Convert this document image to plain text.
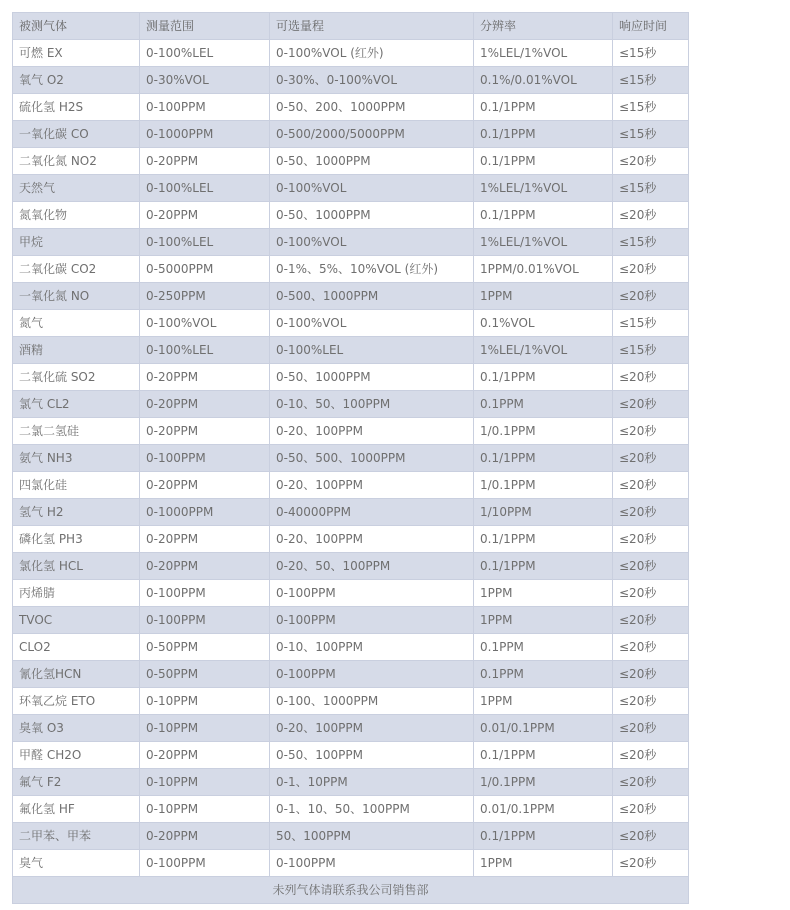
被测气体	测量范围	可选量程	分辨率	响应时间
可燃 EX	0-100%LEL	0-100%VOL (红外)	1%LEL/1%VOL	≤15秒
氧气 O2	0-30%VOL	0-30%、0-100%VOL	0.1%/0.01%VOL	≤15秒
硫化氢 H2S	0-100PPM	0-50、200、1000PPM	0.1/1PPM	≤15秒
一氧化碳 CO	0-1000PPM	0-500/2000/5000PPM	0.1/1PPM	≤15秒
二氧化氮 NO2	0-20PPM	0-50、1000PPM	0.1/1PPM	≤20秒
天然气	0-100%LEL	0-100%VOL	1%LEL/1%VOL	≤15秒
氮氧化物	0-20PPM	0-50、1000PPM	0.1/1PPM	≤20秒
甲烷	0-100%LEL	0-100%VOL	1%LEL/1%VOL	≤15秒
二氧化碳 CO2	0-5000PPM	0-1%、5%、10%VOL (红外)	1PPM/0.01%VOL	≤20秒
一氧化氮 NO	0-250PPM	0-500、1000PPM	1PPM	≤20秒
氮气	0-100%VOL	0-100%VOL	0.1%VOL	≤15秒
酒精	0-100%LEL	0-100%LEL	1%LEL/1%VOL	≤15秒
二氧化硫 SO2	0-20PPM	0-50、1000PPM	0.1/1PPM	≤20秒
氯气 CL2	0-20PPM	0-10、50、100PPM	0.1PPM	≤20秒
二氯二氢硅	0-20PPM	0-20、100PPM	1/0.1PPM	≤20秒
氨气 NH3	0-100PPM	0-50、500、1000PPM	0.1/1PPM	≤20秒
四氯化硅	0-20PPM	0-20、100PPM	1/0.1PPM	≤20秒
氢气 H2	0-1000PPM	0-40000PPM	1/10PPM	≤20秒
磷化氢 PH3	0-20PPM	0-20、100PPM	0.1/1PPM	≤20秒
氯化氢 HCL	0-20PPM	0-20、50、100PPM	0.1/1PPM	≤20秒
丙烯腈	0-100PPM	0-100PPM	1PPM	≤20秒
TVOC	0-100PPM	0-100PPM	1PPM	≤20秒
CLO2	0-50PPM	0-10、100PPM	0.1PPM	≤20秒
氰化氢HCN	0-50PPM	0-100PPM	0.1PPM	≤20秒
环氧乙烷 ETO	0-10PPM	0-100、1000PPM	1PPM	≤20秒
臭氧 O3	0-10PPM	0-20、100PPM	0.01/0.1PPM	≤20秒
甲醛 CH2O	0-20PPM	0-50、100PPM	0.1/1PPM	≤20秒
氟气 F2	0-10PPM	0-1、10PPM	1/0.1PPM	≤20秒
氟化氢 HF	0-10PPM	0-1、10、50、100PPM	0.01/0.1PPM	≤20秒
二甲苯、甲苯	0-20PPM	50、100PPM	0.1/1PPM	≤20秒
臭气	0-100PPM	0-100PPM	1PPM	≤20秒
未列气体请联系我公司销售部				
